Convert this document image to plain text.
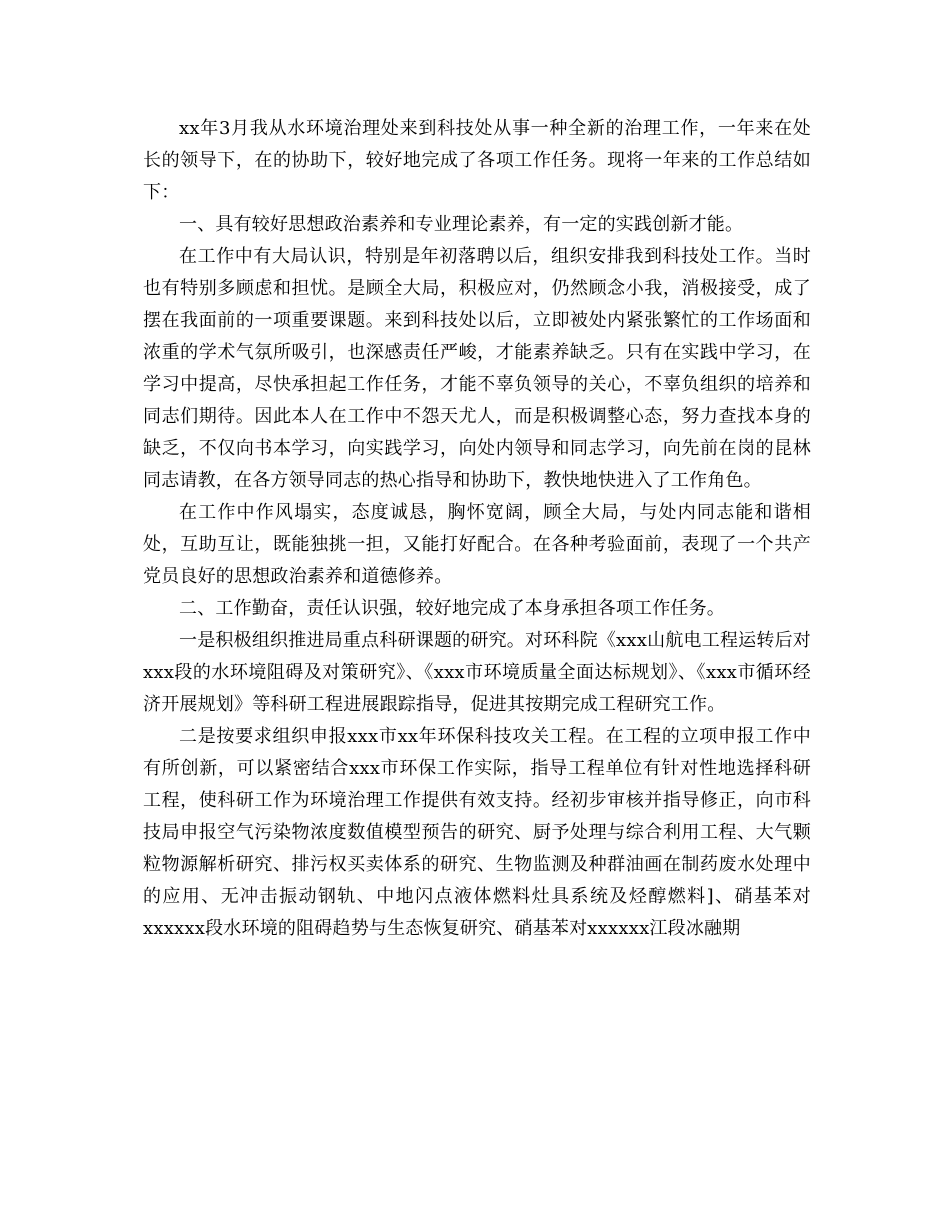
xx年3月我从水环境治理处来到科技处从事一种全新的治理工作，一年来在处长的领导下，在的协助下，较好地完成了各项工作任务。现将一年来的工作总结如下：

一、具有较好思想政治素养和专业理论素养，有一定的实践创新才能。

在工作中有大局认识，特别是年初落聘以后，组织安排我到科技处工作。当时也有特别多顾虑和担忧。是顾全大局，积极应对，仍然顾念小我，消极接受，成了摆在我面前的一项重要课题。来到科技处以后，立即被处内紧张繁忙的工作场面和浓重的学术气氛所吸引，也深感责任严峻，才能素养缺乏。只有在实践中学习，在学习中提高，尽快承担起工作任务，才能不辜负领导的关心，不辜负组织的培养和同志们期待。因此本人在工作中不怨天尤人，而是积极调整心态，努力查找本身的缺乏，不仅向书本学习，向实践学习，向处内领导和同志学习，向先前在岗的昆林同志请教，在各方领导同志的热心指导和协助下，教快地快进入了工作角色。

在工作中作风塌实，态度诚恳，胸怀宽阔，顾全大局，与处内同志能和谐相处，互助互让，既能独挑一担，又能打好配合。在各种考验面前，表现了一个共产党员良好的思想政治素养和道德修养。

二、工作勤奋，责任认识强，较好地完成了本身承担各项工作任务。

一是积极组织推进局重点科研课题的研究。对环科院《xxx山航电工程运转后对xxx段的水环境阻碍及对策研究》、《xxx市环境质量全面达标规划》、《xxx市循环经济开展规划》等科研工程进展跟踪指导，促进其按期完成工程研究工作。

二是按要求组织申报xxx市xx年环保科技攻关工程。在工程的立项申报工作中有所创新，可以紧密结合xxx市环保工作实际，指导工程单位有针对性地选择科研工程，使科研工作为环境治理工作提供有效支持。经初步审核并指导修正，向市科技局申报空气污染物浓度数值模型预告的研究、厨予处理与综合利用工程、大气颗粒物源解析研究、排污权买卖体系的研究、生物监测及种群油画在制药废水处理中的应用、无冲击振动钢轨、中地闪点液体燃料灶具系统及烃醇燃料]、硝基苯对xxxxxx段水环境的阻碍趋势与生态恢复研究、硝基苯对xxxxxx江段冰融期
